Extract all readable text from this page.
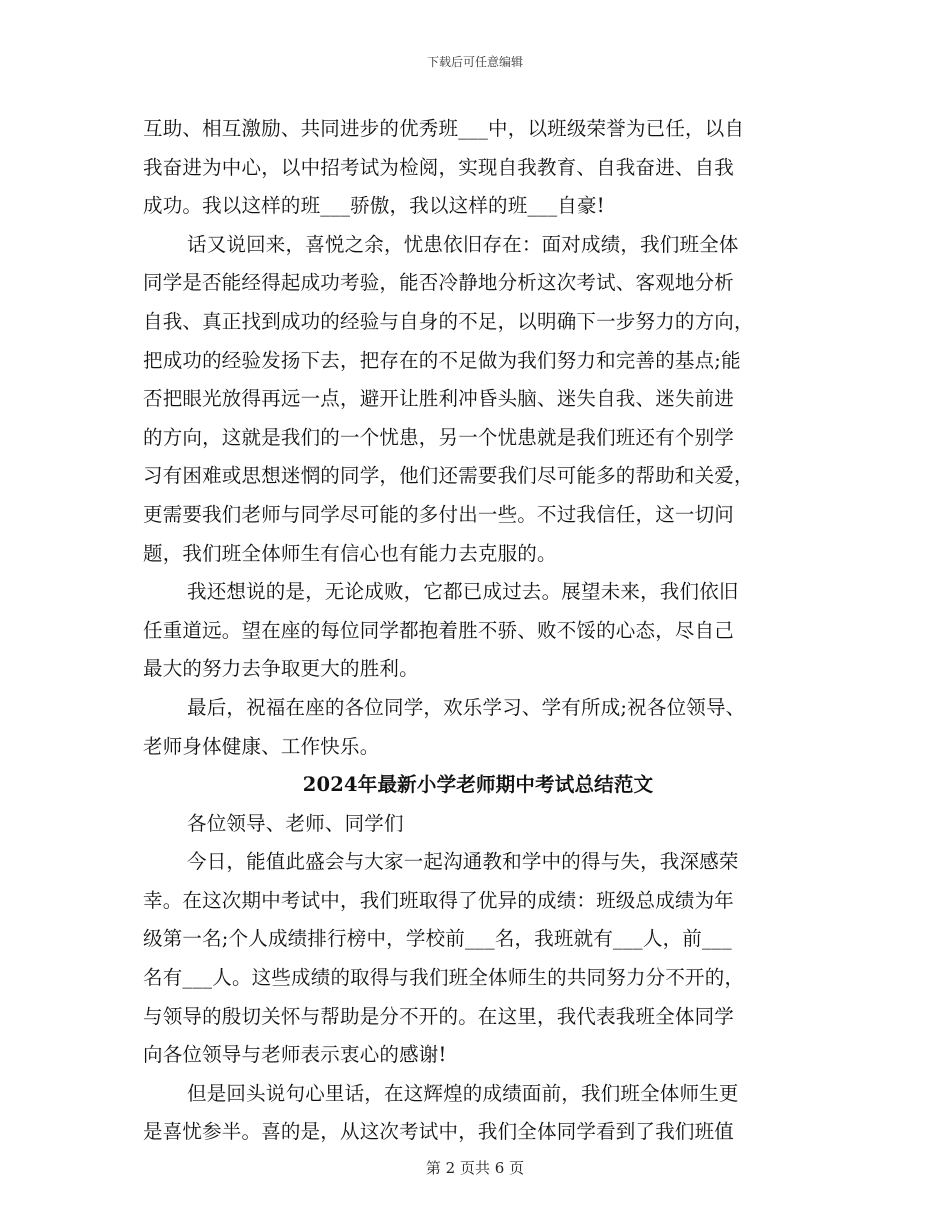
下载后可任意编辑
互助、相互激励、共同进步的优秀班___中，以班级荣誉为已任，以自
我奋进为中心，以中招考试为检阅，实现自我教育、自我奋进、自我
成功。我以这样的班___骄傲，我以这样的班___自豪!
话又说回来，喜悦之余，忧患依旧存在：面对成绩，我们班全体
同学是否能经得起成功考验，能否冷静地分析这次考试、客观地分析
自我、真正找到成功的经验与自身的不足，以明确下一步努力的方向，
把成功的经验发扬下去，把存在的不足做为我们努力和完善的基点;能
否把眼光放得再远一点，避开让胜利冲昏头脑、迷失自我、迷失前进
的方向，这就是我们的一个忧患，另一个忧患就是我们班还有个别学
习有困难或思想迷惘的同学，他们还需要我们尽可能多的帮助和关爱，
更需要我们老师与同学尽可能的多付出一些。不过我信任，这一切问
题，我们班全体师生有信心也有能力去克服的。
我还想说的是，无论成败，它都已成过去。展望未来，我们依旧
任重道远。望在座的每位同学都抱着胜不骄、败不馁的心态，尽自己
最大的努力去争取更大的胜利。
最后，祝福在座的各位同学，欢乐学习、学有所成;祝各位领导、
老师身体健康、工作快乐。
2024年最新小学老师期中考试总结范文
各位领导、老师、同学们
今日，能值此盛会与大家一起沟通教和学中的得与失，我深感荣
幸。在这次期中考试中，我们班取得了优异的成绩：班级总成绩为年
级第一名;个人成绩排行榜中，学校前___名，我班就有___人，前___
名有___人。这些成绩的取得与我们班全体师生的共同努力分不开的，
与领导的殷切关怀与帮助是分不开的。在这里，我代表我班全体同学
向各位领导与老师表示衷心的感谢!
但是回头说句心里话，在这辉煌的成绩面前，我们班全体师生更
是喜忧参半。喜的是，从这次考试中，我们全体同学看到了我们班值
第 2 页共 6 页
